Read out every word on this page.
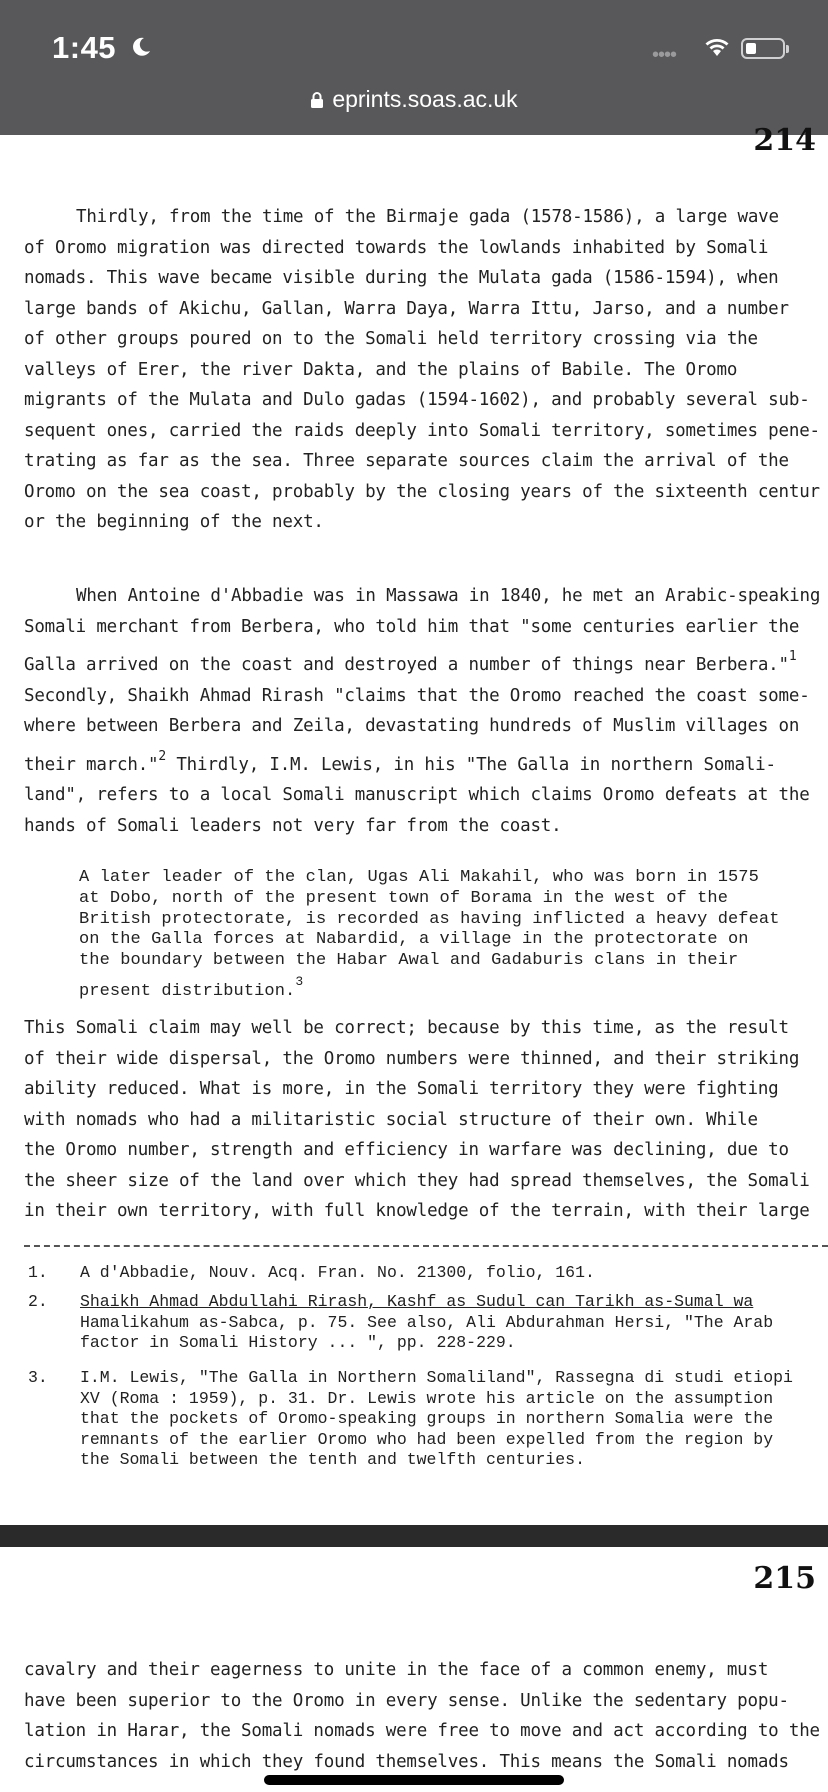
1:45	••••
eprints.soas.ac.uk
214
Thirdly, from the time of the Birmaje gada (1578-1586), a large wave
of Oromo migration was directed towards the lowlands inhabited by Somali
nomads. This wave became visible during the Mulata gada (1586-1594), when
large bands of Akichu, Gallan, Warra Daya, Warra Ittu, Jarso, and a number
of other groups poured on to the Somali held territory crossing via the
valleys of Erer, the river Dakta, and the plains of Babile. The Oromo
migrants of the Mulata and Dulo gadas (1594-1602), and probably several sub-
sequent ones, carried the raids deeply into Somali territory, sometimes pene-
trating as far as the sea. Three separate sources claim the arrival of the
Oromo on the sea coast, probably by the closing years of the sixteenth centur
or the beginning of the next.
When Antoine d'Abbadie was in Massawa in 1840, he met an Arabic-speaking
Somali merchant from Berbera, who told him that "some centuries earlier the
Galla arrived on the coast and destroyed a number of things near Berbera."$^1$
Secondly, Shaikh Ahmad Rirash "claims that the Oromo reached the coast some-
where between Berbera and Zeila, devastating hundreds of Muslim villages on
their march."$^2$ Thirdly, I.M. Lewis, in his "The Galla in northern Somali-
land", refers to a local Somali manuscript which claims Oromo defeats at the
hands of Somali leaders not very far from the coast.
A later leader of the clan, Ugas Ali Makahil, who was born in 1575
at Dobo, north of the present town of Borama in the west of the
British protectorate, is recorded as having inflicted a heavy defeat
on the Galla forces at Nabardid, a village in the protectorate on
the boundary between the Habar Awal and Gadaburis clans in their
present distribution.$^3$
This Somali claim may well be correct; because by this time, as the result
of their wide dispersal, the Oromo numbers were thinned, and their striking
ability reduced. What is more, in the Somali territory they were fighting
with nomads who had a militaristic social structure of their own. While
the Oromo number, strength and efficiency in warfare was declining, due to
the sheer size of the land over which they had spread themselves, the Somali
in their own territory, with full knowledge of the terrain, with their large
1. A d'Abbadie, Nouv. Acq. Fran. No. 21300, folio, 161.
2. Shaikh Ahmad Abdullahi Rirash, Kashf as Sudul can Tarikh as-Sumal wa
Hamalikahum as-Sabca, p. 75. See also, Ali Abdurahman Hersi, "The Arab
factor in Somali History ... ", pp. 228-229.
3. I.M. Lewis, "The Galla in Northern Somaliland", Rassegna di studi etiopi
XV (Roma : 1959), p. 31. Dr. Lewis wrote his article on the assumption
that the pockets of Oromo-speaking groups in northern Somalia were the
remnants of the earlier Oromo who had been expelled from the region by
the Somali between the tenth and twelfth centuries.
215
cavalry and their eagerness to unite in the face of a common enemy, must
have been superior to the Oromo in every sense. Unlike the sedentary popu-
lation in Harar, the Somali nomads were free to move and act according to the
circumstances in which they found themselves. This means the Somali nomads
